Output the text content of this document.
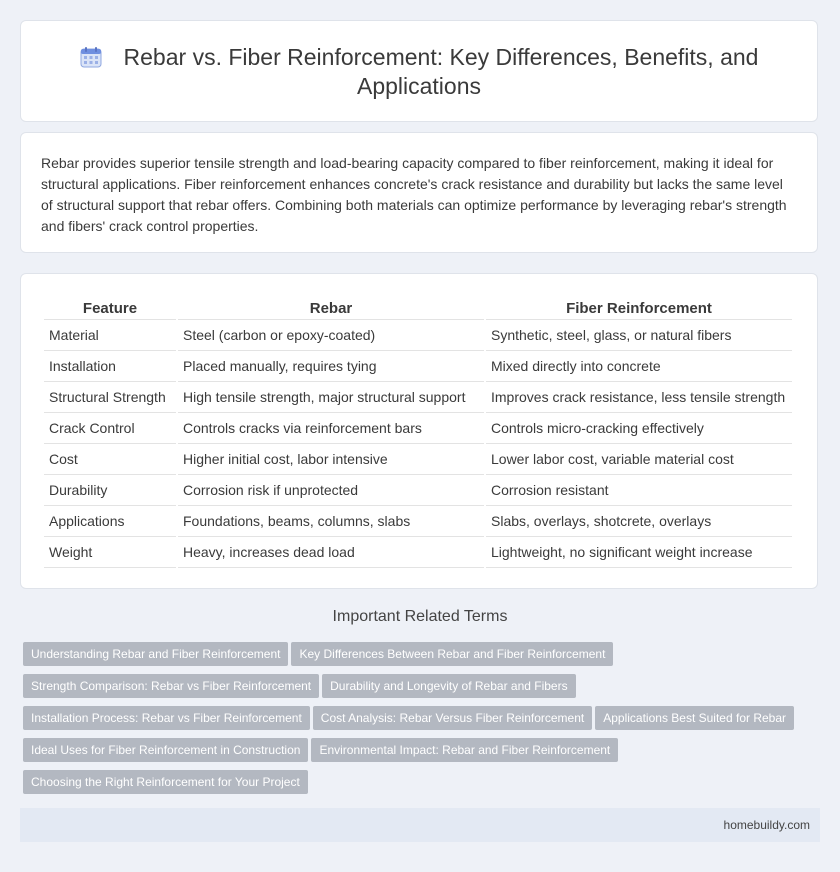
Rebar vs. Fiber Reinforcement: Key Differences, Benefits, and Applications

Rebar provides superior tensile strength and load-bearing capacity compared to fiber reinforcement, making it ideal for structural applications. Fiber reinforcement enhances concrete's crack resistance and durability but lacks the same level of structural support that rebar offers. Combining both materials can optimize performance by leveraging rebar's strength and fibers' crack control properties.

Feature	Rebar	Fiber Reinforcement
Material	Steel (carbon or epoxy-coated)	Synthetic, steel, glass, or natural fibers
Installation	Placed manually, requires tying	Mixed directly into concrete
Structural Strength	High tensile strength, major structural support	Improves crack resistance, less tensile strength
Crack Control	Controls cracks via reinforcement bars	Controls micro-cracking effectively
Cost	Higher initial cost, labor intensive	Lower labor cost, variable material cost
Durability	Corrosion risk if unprotected	Corrosion resistant
Applications	Foundations, beams, columns, slabs	Slabs, overlays, shotcrete, overlays
Weight	Heavy, increases dead load	Lightweight, no significant weight increase
Important Related Terms
Understanding Rebar and Fiber Reinforcement Key Differences Between Rebar and Fiber Reinforcement
Strength Comparison: Rebar vs Fiber Reinforcement Durability and Longevity of Rebar and Fibers
Installation Process: Rebar vs Fiber Reinforcement Cost Analysis: Rebar Versus Fiber Reinforcement Applications Best Suited for Rebar
Ideal Uses for Fiber Reinforcement in Construction Environmental Impact: Rebar and Fiber Reinforcement
Choosing the Right Reinforcement for Your Project
homebuildy.com
